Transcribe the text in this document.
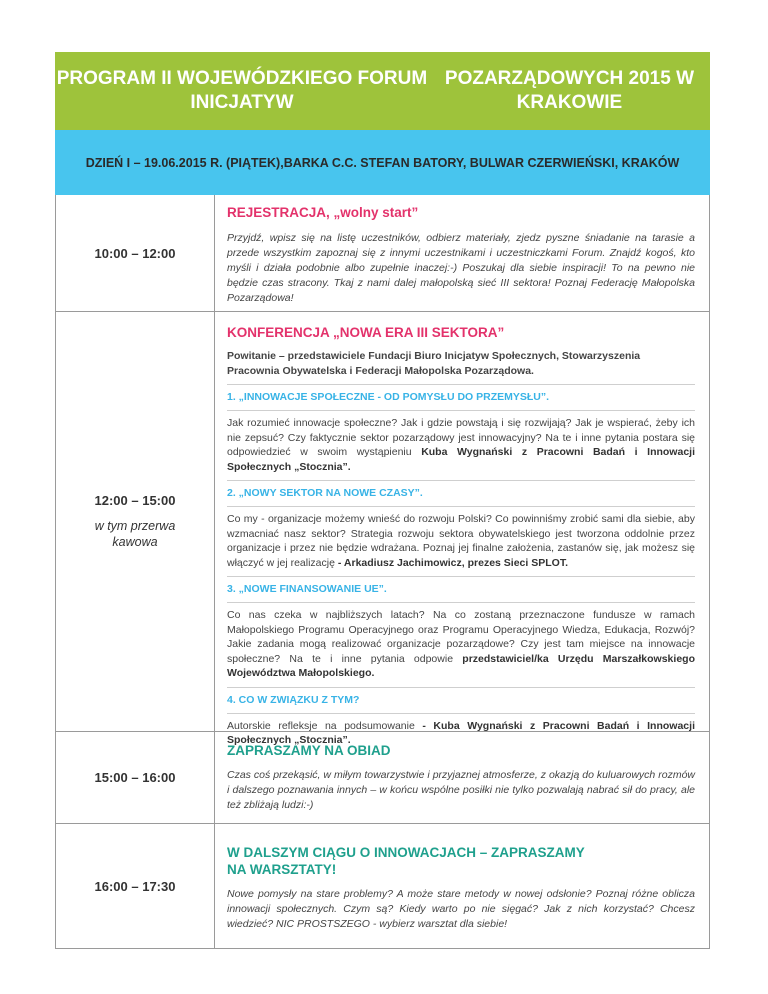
PROGRAM II WOJEWÓDZKIEGO FORUM INICJATYW
POZARZĄDOWYCH 2015 W KRAKOWIE
DZIEŃ I – 19.06.2015 R. (PIĄTEK), BARKA C.C. STEFAN BATORY, BULWAR CZERWIEŃSKI, KRAKÓW
10:00 – 12:00
REJESTRACJA, „wolny start”
Przyjdź, wpisz się na listę uczestników, odbierz materiały, zjedz pyszne śniadanie na tarasie a przede wszystkim zapoznaj się z innymi uczestnikami i uczestniczkami Forum. Znajdź kogoś, kto myśli i działa podobnie albo zupełnie inaczej:-) Poszukaj dla siebie inspiracji! To na pewno nie będzie czas stracony. Tkaj z nami dalej małopolską sieć III sektora! Poznaj Federację Małopolska Pozarządowa!
12:00 – 15:00
w tym przerwa
kawowa
KONFERENCJA „NOWA ERA III SEKTORA”
Powitanie – przedstawiciele Fundacji Biuro Inicjatyw Społecznych, Stowarzyszenia Pracownia Obywatelska i Federacji Małopolska Pozarządowa.
1. „INNOWACJE SPOŁECZNE - OD POMYSŁU DO PRZEMYSŁU”.
Jak rozumieć innowacje społeczne? Jak i gdzie powstają i się rozwijają? Jak je wspierać, żeby ich nie zepsuć? Czy faktycznie sektor pozarządowy jest innowacyjny? Na te i inne pytania postara się odpowiedzieć w swoim wystąpieniu Kuba Wygnański z Pracowni Badań i Innowacji Społecznych „Stocznia”.
2. „NOWY SEKTOR NA NOWE CZASY”.
Co my - organizacje możemy wnieść do rozwoju Polski? Co powinniśmy zrobić sami dla siebie, aby wzmacniać nasz sektor? Strategia rozwoju sektora obywatelskiego jest tworzona oddolnie przez organizacje i przez nie będzie wdrażana. Poznaj jej finalne założenia, zastanów się, jak możesz się włączyć w jej realizację - Arkadiusz Jachimowicz, prezes Sieci SPLOT.
3. „NOWE FINANSOWANIE UE”.
Co nas czeka w najbliższych latach? Na co zostaną przeznaczone fundusze w ramach Małopolskiego Programu Operacyjnego oraz Programu Operacyjnego Wiedza, Edukacja, Rozwój? Jakie zadania mogą realizować organizacje pozarządowe? Czy jest tam miejsce na innowacje społeczne? Na te i inne pytania odpowie przedstawiciel/ka Urzędu Marszałkowskiego Województwa Małopolskiego.
4. CO W ZWIĄZKU Z TYM?
Autorskie refleksje na podsumowanie - Kuba Wygnański z Pracowni Badań i Innowacji Społecznych „Stocznia”.
15:00 – 16:00
ZAPRASZAMY NA OBIAD
Czas coś przekąsić, w miłym towarzystwie i przyjaznej atmosferze, z okazją do kuluarowych rozmów i dalszego poznawania innych – w końcu wspólne posiłki nie tylko pozwalają nabrać sił do pracy, ale też zbliżają ludzi:-)
16:00 – 17:30
W DALSZYM CIĄGU O INNOWACJACH – ZAPRASZAMY
NA WARSZTATY!
Nowe pomysły na stare problemy? A może stare metody w nowej odsłonie? Poznaj różne oblicza innowacji społecznych. Czym są? Kiedy warto po nie sięgać? Jak z nich korzystać? Chcesz wiedzieć? NIC PROSTSZEGO - wybierz warsztat dla siebie!
